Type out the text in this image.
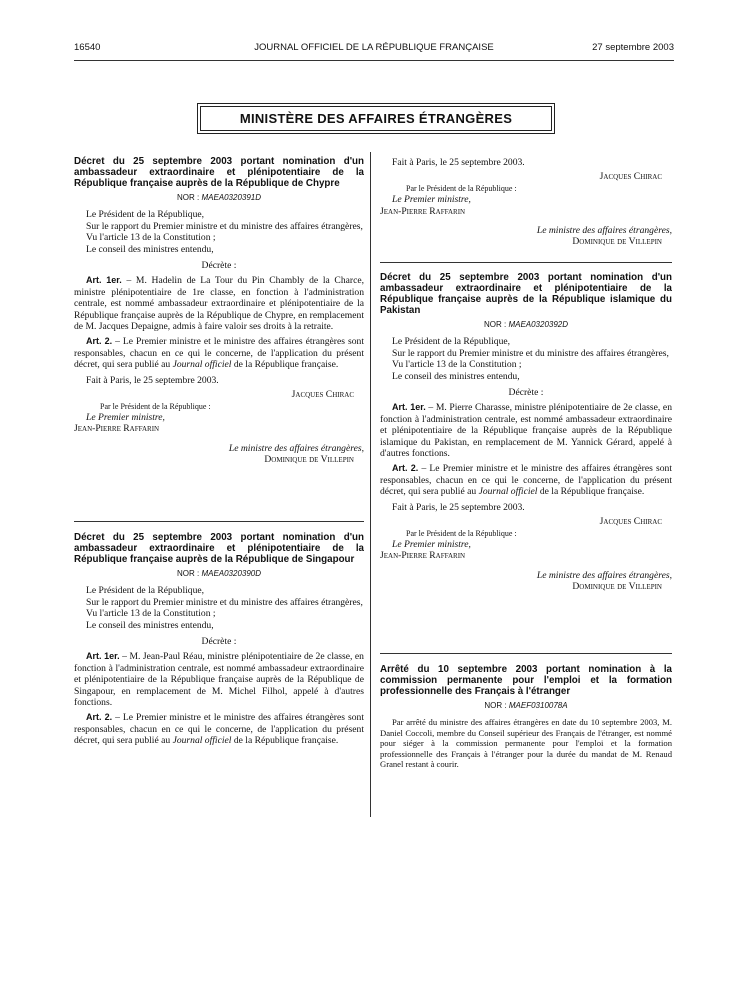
16540	JOURNAL OFFICIEL DE LA RÉPUBLIQUE FRANÇAISE	27 septembre 2003
MINISTÈRE DES AFFAIRES ÉTRANGÈRES
Décret du 25 septembre 2003 portant nomination d'un ambassadeur extraordinaire et plénipotentiaire de la République française auprès de la République de Chypre
NOR : MAEA0320391D

Le Président de la République,

Sur le rapport du Premier ministre et du ministre des affaires étrangères,

Vu l'article 13 de la Constitution ;

Le conseil des ministres entendu,

Décrète :

Art. 1er. – M. Hadelin de La Tour du Pin Chambly de la Charce, ministre plénipotentiaire de 1re classe, en fonction à l'administration centrale, est nommé ambassadeur extraordinaire et plénipotentiaire de la République française auprès de la République de Chypre, en remplacement de M. Jacques Depaigne, admis à faire valoir ses droits à la retraite.

Art. 2. – Le Premier ministre et le ministre des affaires étrangères sont responsables, chacun en ce qui le concerne, de l'application du présent décret, qui sera publié au Journal officiel de la République française.

Fait à Paris, le 25 septembre 2003.

Jacques Chirac
Par le Président de la République :
Le Premier ministre,
Jean-Pierre Raffarin
Le ministre des affaires étrangères,
Dominique de Villepin
Décret du 25 septembre 2003 portant nomination d'un ambassadeur extraordinaire et plénipotentiaire de la République française auprès de la République de Singapour
NOR : MAEA0320390D

Le Président de la République,

Sur le rapport du Premier ministre et du ministre des affaires étrangères,

Vu l'article 13 de la Constitution ;

Le conseil des ministres entendu,

Décrète :

Art. 1er. – M. Jean-Paul Réau, ministre plénipotentiaire de 2e classe, en fonction à l'administration centrale, est nommé ambassadeur extraordinaire et plénipotentiaire de la République française auprès de la République de Singapour, en remplacement de M. Michel Filhol, appelé à d'autres fonctions.

Art. 2. – Le Premier ministre et le ministre des affaires étrangères sont responsables, chacun en ce qui le concerne, de l'application du présent décret, qui sera publié au Journal officiel de la République française.

Fait à Paris, le 25 septembre 2003.

Jacques Chirac
Par le Président de la République :
Le Premier ministre,
Jean-Pierre Raffarin
Le ministre des affaires étrangères,
Dominique de Villepin
Décret du 25 septembre 2003 portant nomination d'un ambassadeur extraordinaire et plénipotentiaire de la République française auprès de la République islamique du Pakistan
NOR : MAEA0320392D

Le Président de la République,

Sur le rapport du Premier ministre et du ministre des affaires étrangères,

Vu l'article 13 de la Constitution ;

Le conseil des ministres entendu,

Décrète :

Art. 1er. – M. Pierre Charasse, ministre plénipotentiaire de 2e classe, en fonction à l'administration centrale, est nommé ambassadeur extraordinaire et plénipotentiaire de la République française auprès de la République islamique du Pakistan, en remplacement de M. Yannick Gérard, appelé à d'autres fonctions.

Art. 2. – Le Premier ministre et le ministre des affaires étrangères sont responsables, chacun en ce qui le concerne, de l'application du présent décret, qui sera publié au Journal officiel de la République française.

Fait à Paris, le 25 septembre 2003.

Jacques Chirac
Par le Président de la République :
Le Premier ministre,
Jean-Pierre Raffarin
Le ministre des affaires étrangères,
Dominique de Villepin
Arrêté du 10 septembre 2003 portant nomination à la commission permanente pour l'emploi et la formation professionnelle des Français à l'étranger
NOR : MAEF0310078A

Par arrêté du ministre des affaires étrangères en date du 10 septembre 2003, M. Daniel Coccoli, membre du Conseil supérieur des Français de l'étranger, est nommé pour siéger à la commission permanente pour l'emploi et la formation professionnelle des Français à l'étranger pour la durée du mandat de M. Renaud Granel restant à courir.
